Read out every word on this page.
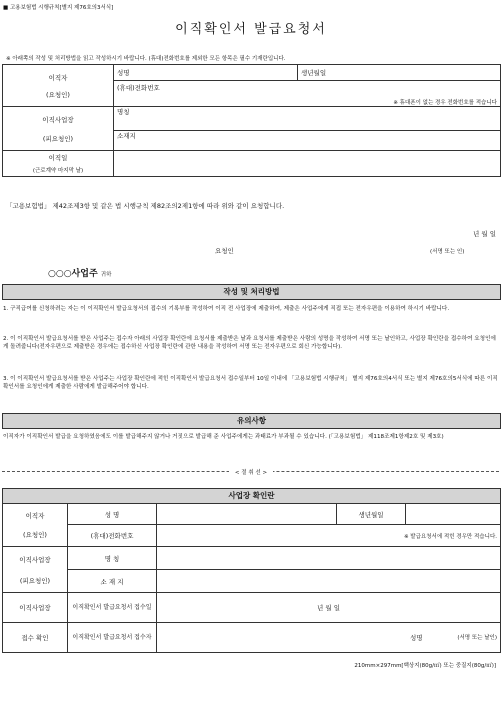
■ 고용보험법 시행규칙[별지 제76호의3서식]
이직확인서 발급요청서
※ 아래쪽의 작성 및 처리방법을 읽고 작성하시기 바랍니다. (휴대)전화번호를 제외한 모든 항목은 필수 기재란입니다.
이직자
(요청인)	성명	생년월일

	(휴대)전화번호
※ 휴대폰이 없는 경우 전화번호를 적습니다	

이직사업장
(피요청인)	명칭	
	소재지	

이직일
(근로계약 마지막 날)		

「고용보험법」 제42조제3항 및 같은 법 시행규칙 제82조의2제1항에 따라 위와 같이 요청합니다.
년 월 일
요청인	(서명 또는 인)
○○○사업주 귀하
작성 및 처리방법
1. 구직급여를 신청하려는 자는 이 이직확인서 발급요청서의 접수의 기록부를 작성하여 이직 전 사업장에 제출하여, 제출은 사업주에게 직접 또는 전자우편을 이용하여 하시기 바랍니다.
2. 이 이직확인서 발급요청서를 받은 사업주는 접수자 아래의 사업장 확인란에 요청서를 제출받은 날과 요청서를 제출받은 사람의 성명을 작성하여 서명 또는 날인하고, 사업장 확인란을 접수하여 요청인에게 돌려줍니다(전자우편으로 제출받은 경우에는 접수하신 사업장 확인란에 관한 내용을 작성하여 서명 또는 전자우편으로 회신 가능합니다).
3. 이 이직확인서 발급요청서를 받은 사업주는 사업장 확인란에 적힌 이직확인서 발급요청서 접수일부터 10일 이내에 「고용보험법 시행규칙」 별지 제76호의4서식 또는 별지 제76호의5서식에 따른 이직확인서를 요청인에게 제출한 사람에게 발급해주어야 합니다.
유의사항
이직자가 이직확인서 발급을 요청하였음에도 이를 발급해주지 않거나 거짓으로 발급해 준 사업주에게는 과태료가 부과될 수 있습니다. (「고용보험법」 제118조제1항제2호 및 제3호)
< 절 취 선 >
사업장 확인란
이직자
(요청인)	성 명		생년월일	
	(휴대)전화번호	※ 발급요청서에 적힌 경우만 적습니다.		

이직사업장
(피요청인)	명 칭			
	소 재 지			
이직사업장	이직확인서 발급요청서 접수일	년 월 일		
접수 확인	이직확인서 발급요청서 접수자	성명 (서명 또는 날인)		
210mm×297mm[백상지(80g/㎡) 또는 중질지(80g/㎡)]
